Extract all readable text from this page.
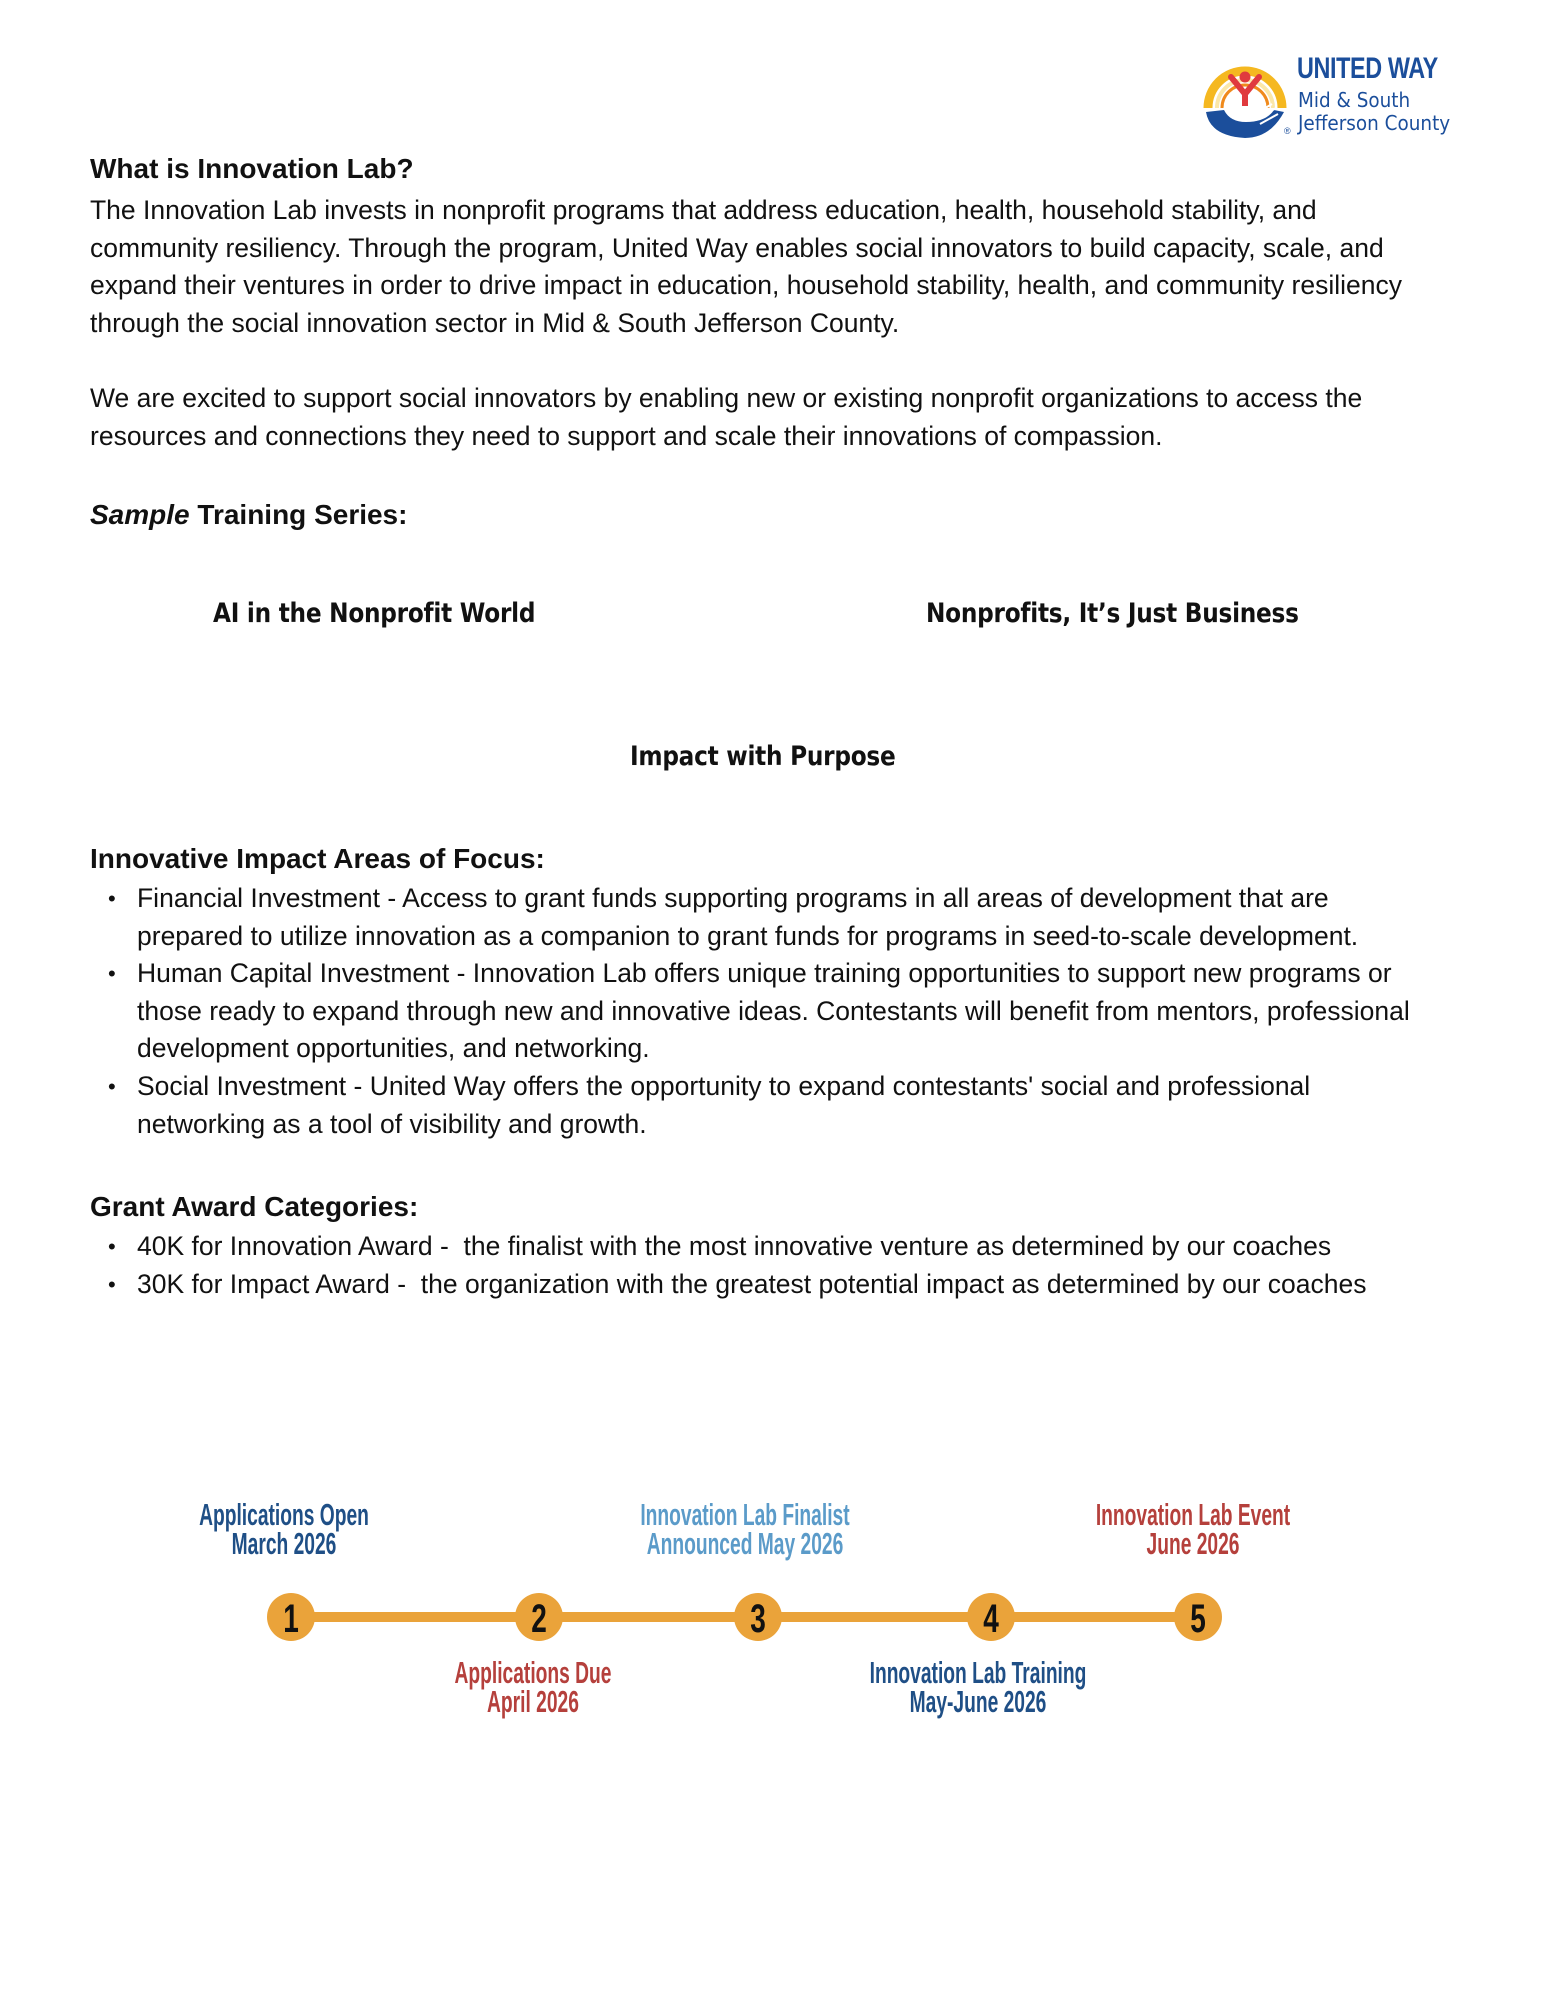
UNITED WAY
Mid & South
Jefferson County
®
What is Innovation Lab?
The Innovation Lab invests in nonprofit programs that address education, health, household stability, and
community resiliency. Through the program, United Way enables social innovators to build capacity, scale, and
expand their ventures in order to drive impact in education, household stability, health, and community resiliency
through the social innovation sector in Mid & South Jefferson County.
We are excited to support social innovators by enabling new or existing nonprofit organizations to access the
resources and connections they need to support and scale their innovations of compassion.
Sample Training Series:
AI in the Nonprofit World	Nonprofits, It’s Just Business
Impact with Purpose
Innovative Impact Areas of Focus:
• Financial Investment - Access to grant funds supporting programs in all areas of development that are
prepared to utilize innovation as a companion to grant funds for programs in seed-to-scale development.
• Human Capital Investment - Innovation Lab offers unique training opportunities to support new programs or
those ready to expand through new and innovative ideas. Contestants will benefit from mentors, professional
development opportunities, and networking.
• Social Investment - United Way offers the opportunity to expand contestants' social and professional
networking as a tool of visibility and growth.
Grant Award Categories:
• 40K for Innovation Award -  the finalist with the most innovative venture as determined by our coaches
• 30K for Impact Award -  the organization with the greatest potential impact as determined by our coaches
1	2	3	4	5
Applications Open
March 2026
Applications Due
April 2026
Innovation Lab Finalist
Announced May 2026
Innovation Lab Training
May-June 2026
Innovation Lab Event
June 2026
